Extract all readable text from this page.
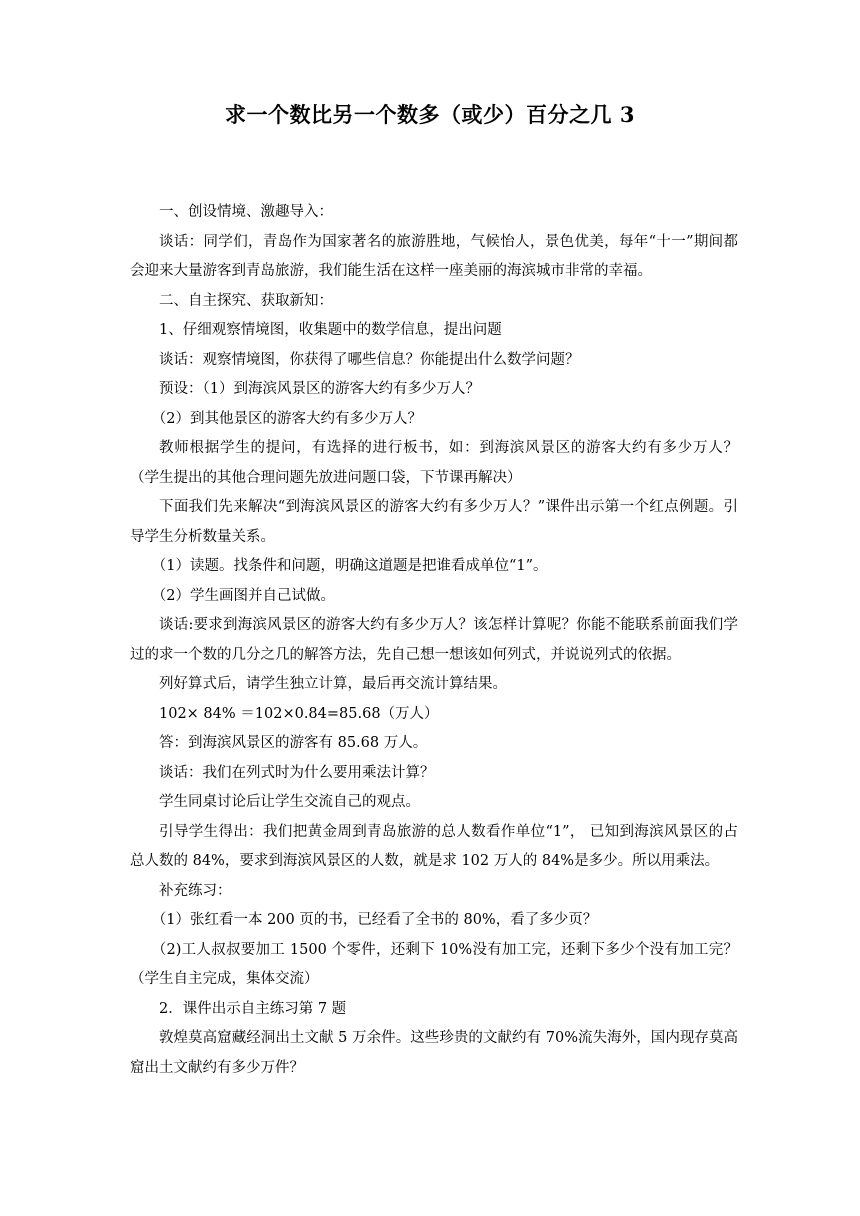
求一个数比另一个数多（或少）百分之几 3

一、创设情境、激趣导入：

谈话：同学们，青岛作为国家著名的旅游胜地，气候怡人，景色优美，每年“十一”期间都会迎来大量游客到青岛旅游，我们能生活在这样一座美丽的海滨城市非常的幸福。

二、自主探究、获取新知：

1、仔细观察情境图，收集题中的数学信息，提出问题

谈话：观察情境图，你获得了哪些信息？你能提出什么数学问题？

预设：（1）到海滨风景区的游客大约有多少万人？

（2）到其他景区的游客大约有多少万人？

教师根据学生的提问，有选择的进行板书，如：到海滨风景区的游客大约有多少万人？（学生提出的其他合理问题先放进问题口袋，下节课再解决）

下面我们先来解决“到海滨风景区的游客大约有多少万人？”课件出示第一个红点例题。引导学生分析数量关系。

（1）读题。找条件和问题，明确这道题是把谁看成单位“1”。

（2）学生画图并自己试做。

谈话:要求到海滨风景区的游客大约有多少万人？该怎样计算呢？你能不能联系前面我们学过的求一个数的几分之几的解答方法，先自己想一想该如何列式，并说说列式的依据。

列好算式后，请学生独立计算，最后再交流计算结果。

102× 84% ＝102×0.84=85.68（万人）

答：到海滨风景区的游客有 85.68 万人。

谈话：我们在列式时为什么要用乘法计算？

学生同桌讨论后让学生交流自己的观点。

引导学生得出：我们把黄金周到青岛旅游的总人数看作单位“1”， 已知到海滨风景区的占总人数的 84%，要求到海滨风景区的人数，就是求 102 万人的 84%是多少。所以用乘法。

补充练习：

（1）张红看一本 200 页的书，已经看了全书的 80%，看了多少页？

（2)工人叔叔要加工 1500 个零件，还剩下 10%没有加工完，还剩下多少个没有加工完？（学生自主完成，集体交流）

2．课件出示自主练习第 7 题

敦煌莫高窟藏经洞出土文献 5 万余件。这些珍贵的文献约有 70%流失海外，国内现存莫高窟出土文献约有多少万件？
